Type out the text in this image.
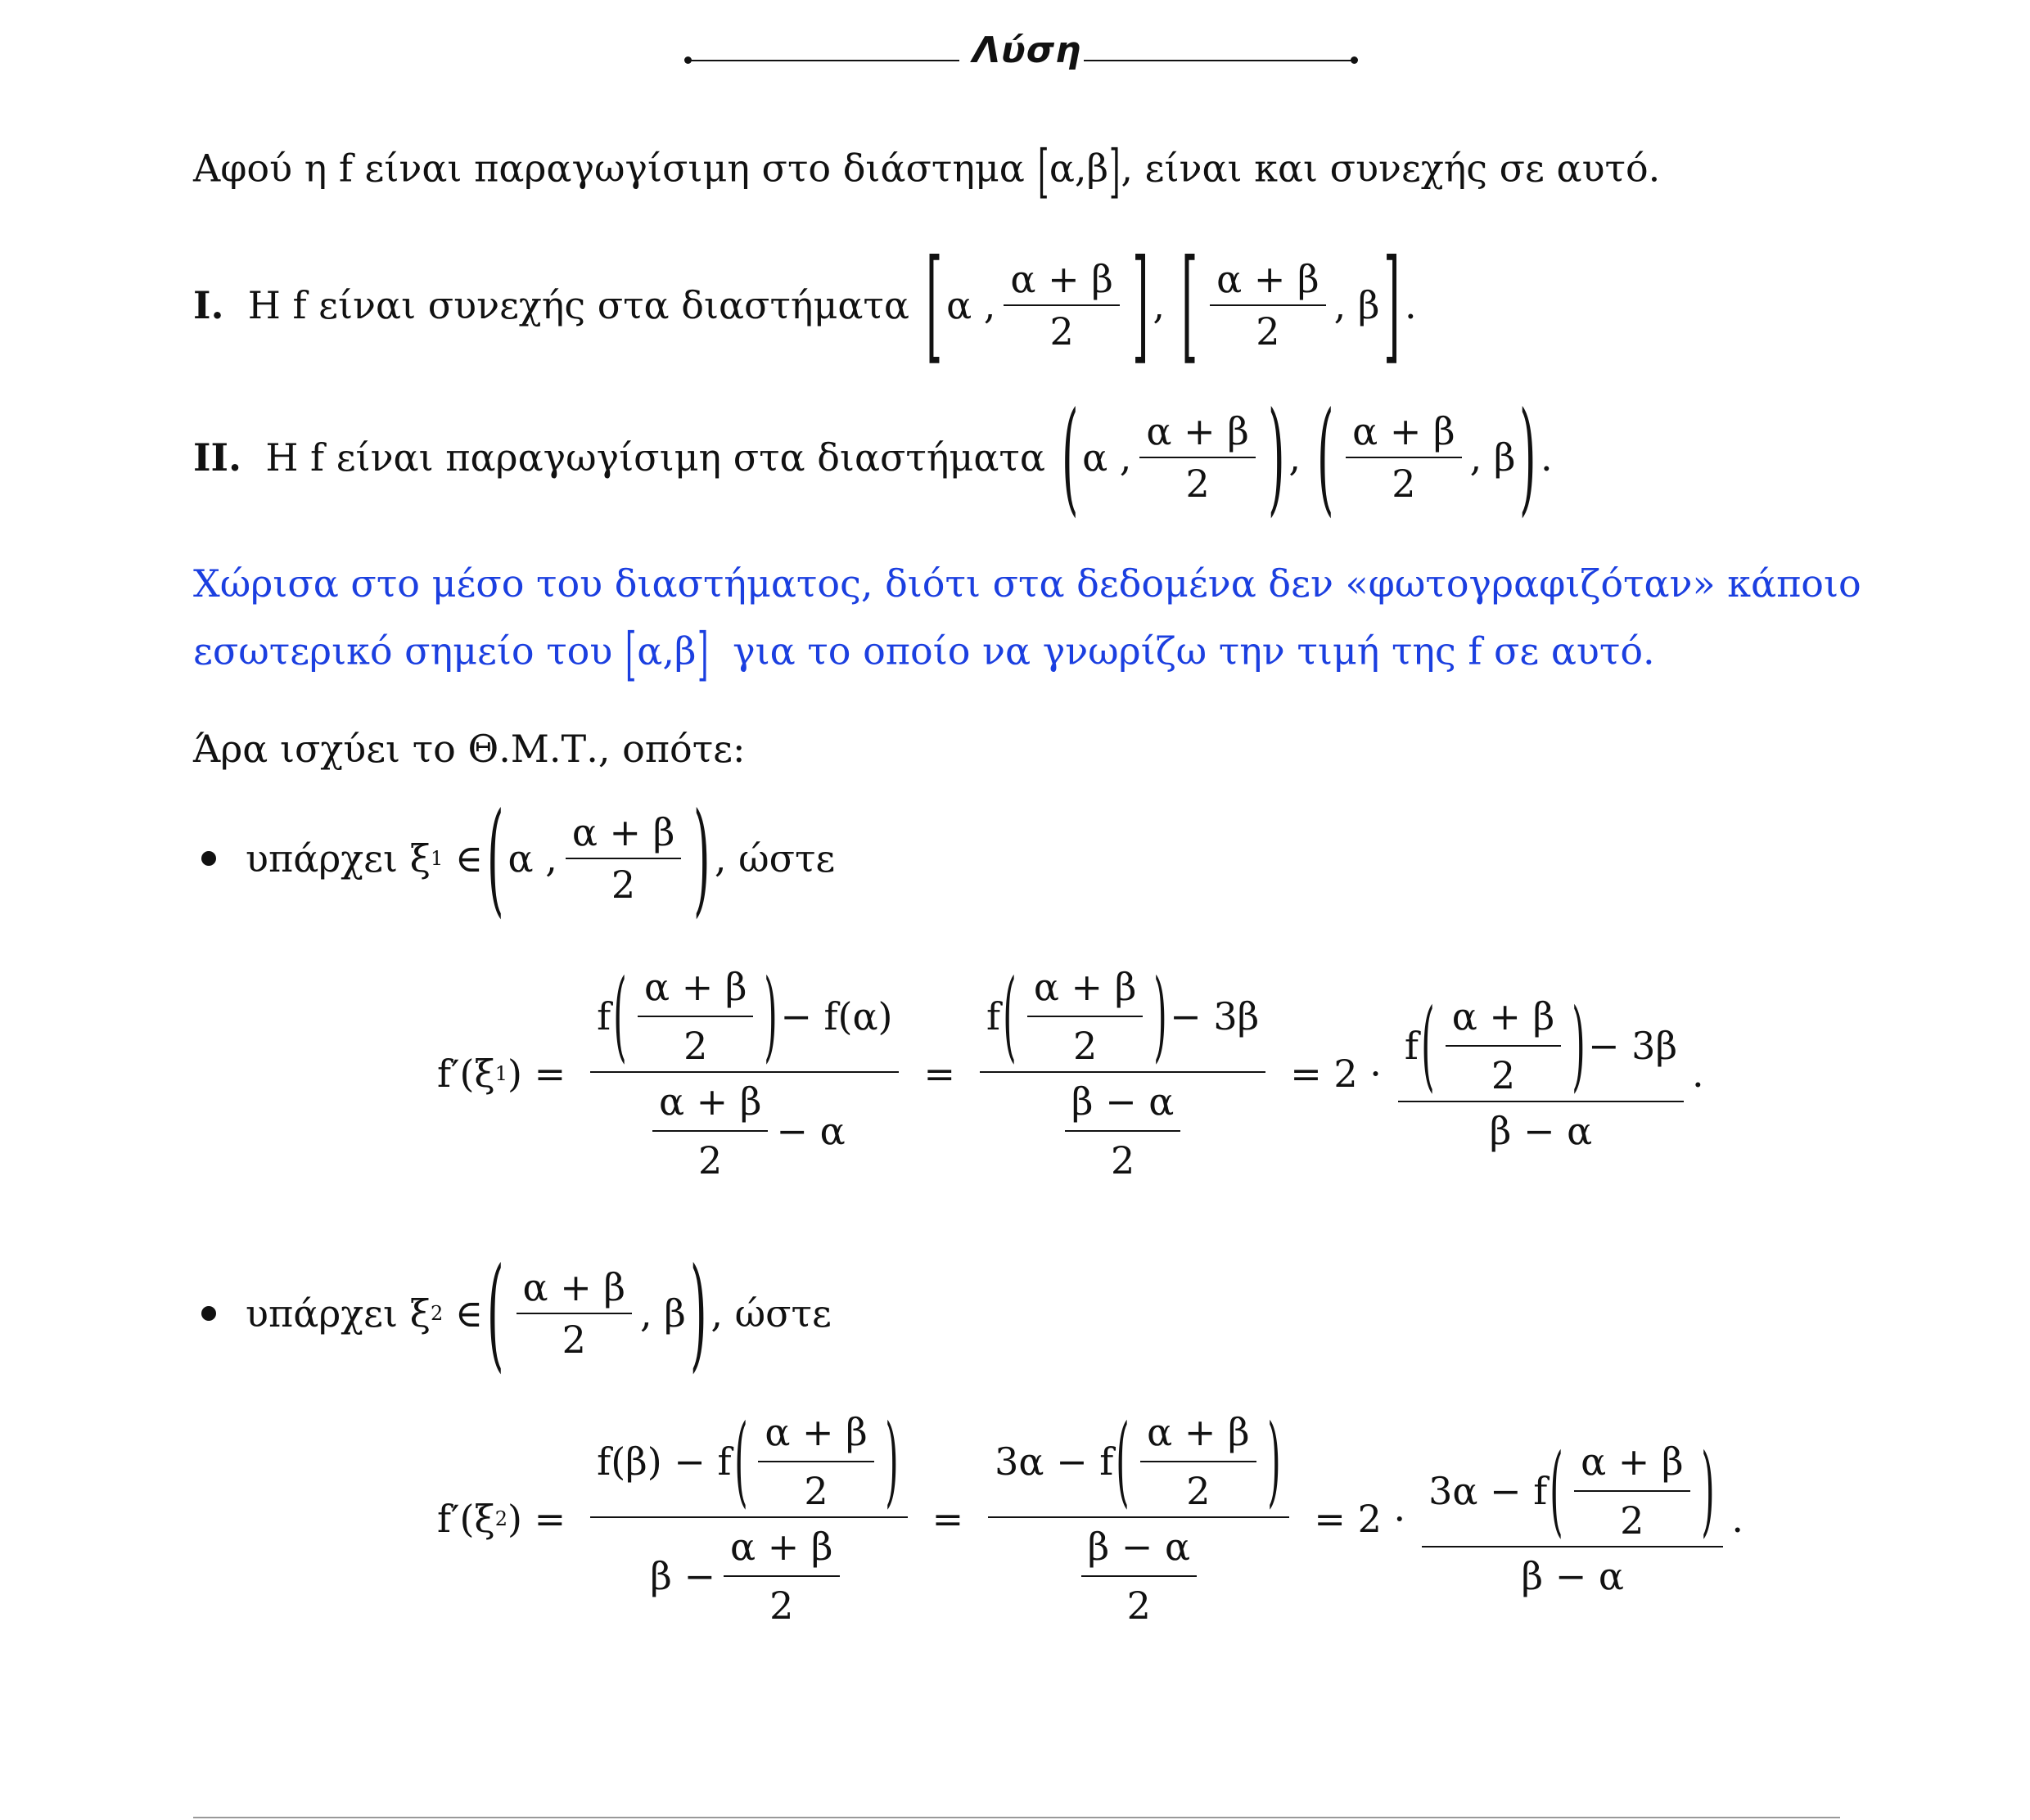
Λύση
Αφού η f είναι παραγωγίσιμη στο διάστημα [α,β], είναι και συνεχής σε αυτό.
I.
Η f είναι συνεχής στα διαστήματα
[ α , $\frac{\alpha + \beta}{2}$ ] , [ $\frac{\alpha + \beta}{2}$ , β ] .
II.
Η f είναι παραγωγίσιμη στα διαστήματα
( α , $\frac{\alpha + \beta}{2}$ ) , ( $\frac{\alpha + \beta}{2}$ , β ) .
Χώρισα στο μέσο του διαστήματος, διότι στα δεδομένα δεν «φωτογραφιζόταν» κάποιο
εσωτερικό σημείο του [α,β] για το οποίο να γνωρίζω την τιμή της f σε αυτό.
Άρα ισχύει το Θ.Μ.Τ., οπότε:
υπάρχει ξ 1
∈ ( α , $\frac{\alpha + \beta}{2}$ ) , ώστε
f′(ξ 1 ) = $\frac{f ( \frac{\alpha + \beta}{2} ) - f(\alpha)}{\frac{\alpha + \beta}{2} - \alpha} = \frac{f ( \frac{\alpha + \beta}{2} ) - 3\beta}{\frac{\beta - \alpha}{2}} = 2 \cdot \frac{f ( \frac{\alpha + \beta}{2} ) - 3\beta}{\beta - \alpha}$ .
υπάρχει ξ 2
∈ ( $\frac{\alpha + \beta}{2}$ , β ) , ώστε
f′(ξ 2 ) = $\frac{f(\beta) - f ( \frac{\alpha + \beta}{2} )}{\beta - \frac{\alpha + \beta}{2}} = \frac{3\alpha - f ( \frac{\alpha + \beta}{2} )}{\frac{\beta - \alpha}{2}} = 2 \cdot \frac{3\alpha - f ( \frac{\alpha + \beta}{2} )}{\beta - \alpha}$ .
